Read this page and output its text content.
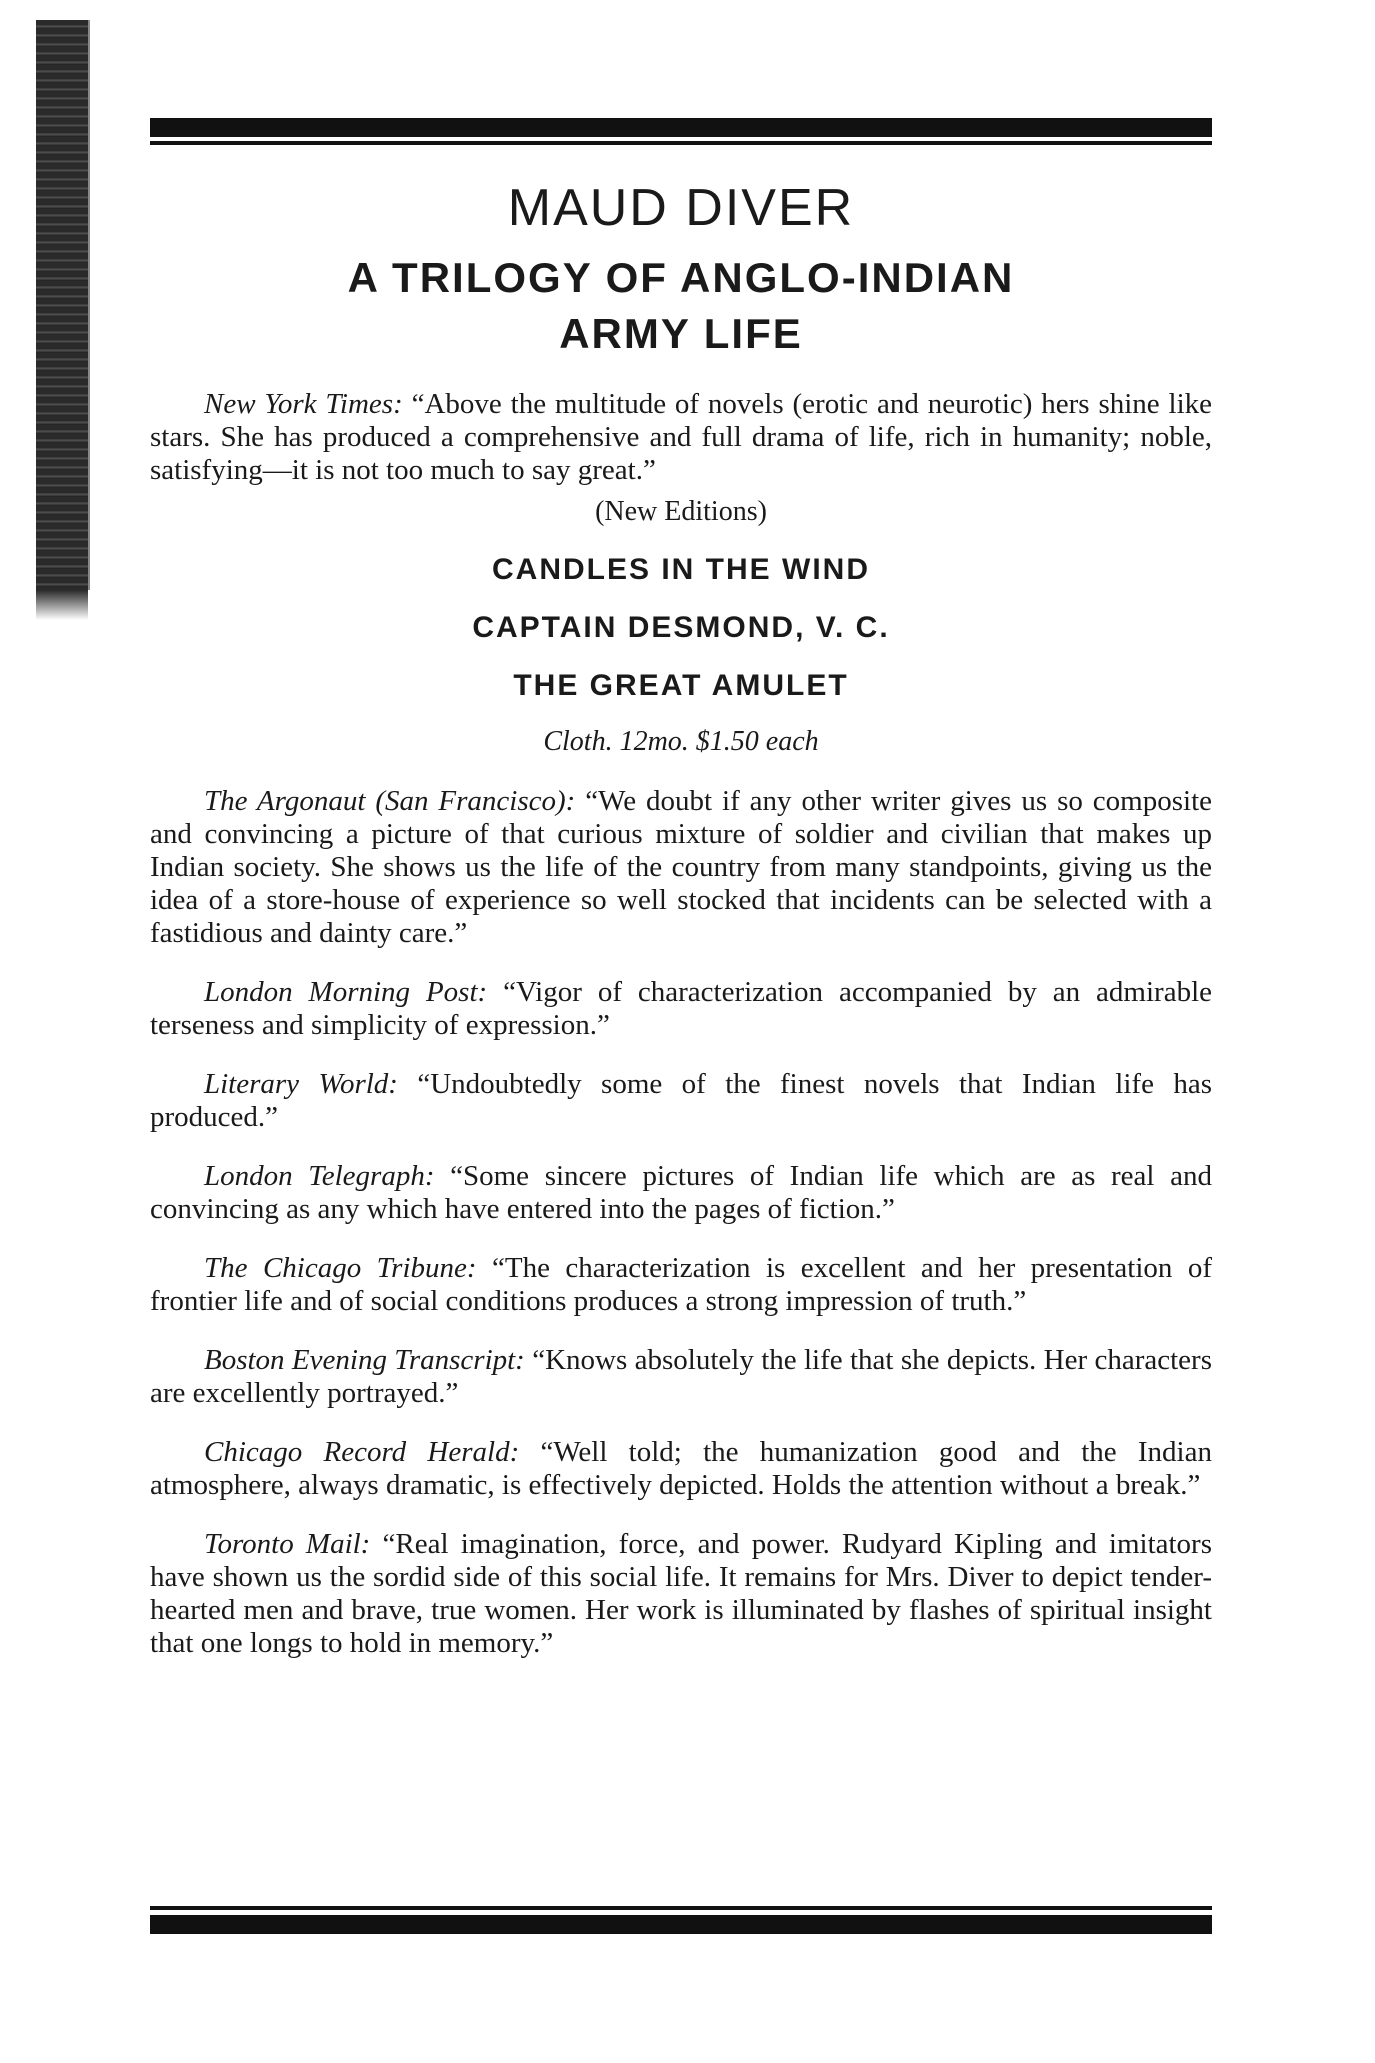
MAUD DIVER
A TRILOGY OF ANGLO-INDIAN
ARMY LIFE

New York Times: “Above the multitude of novels (erotic and neurotic) hers shine like stars. She has produced a comprehensive and full drama of life, rich in humanity; noble, satisfying—it is not too much to say great.”

(New Editions)
CANDLES IN THE WIND
CAPTAIN DESMOND, V. C.
THE GREAT AMULET
Cloth. 12mo. $1.50 each

The Argonaut (San Francisco): “We doubt if any other writer gives us so composite and convincing a picture of that curious mixture of soldier and civilian that makes up Indian society. She shows us the life of the country from many standpoints, giving us the idea of a store-house of experience so well stocked that incidents can be selected with a fastidious and dainty care.”

London Morning Post: “Vigor of characterization accompanied by an admirable terseness and simplicity of expression.”

Literary World: “Undoubtedly some of the finest novels that Indian life has produced.”

London Telegraph: “Some sincere pictures of Indian life which are as real and convincing as any which have entered into the pages of fiction.”

The Chicago Tribune: “The characterization is excellent and her presentation of frontier life and of social conditions produces a strong impression of truth.”

Boston Evening Transcript: “Knows absolutely the life that she depicts. Her characters are excellently portrayed.”

Chicago Record Herald: “Well told; the humanization good and the Indian atmosphere, always dramatic, is effectively depicted. Holds the attention without a break.”

Toronto Mail: “Real imagination, force, and power. Rudyard Kipling and imitators have shown us the sordid side of this social life. It remains for Mrs. Diver to depict tender-hearted men and brave, true women. Her work is illuminated by flashes of spiritual insight that one longs to hold in memory.”
